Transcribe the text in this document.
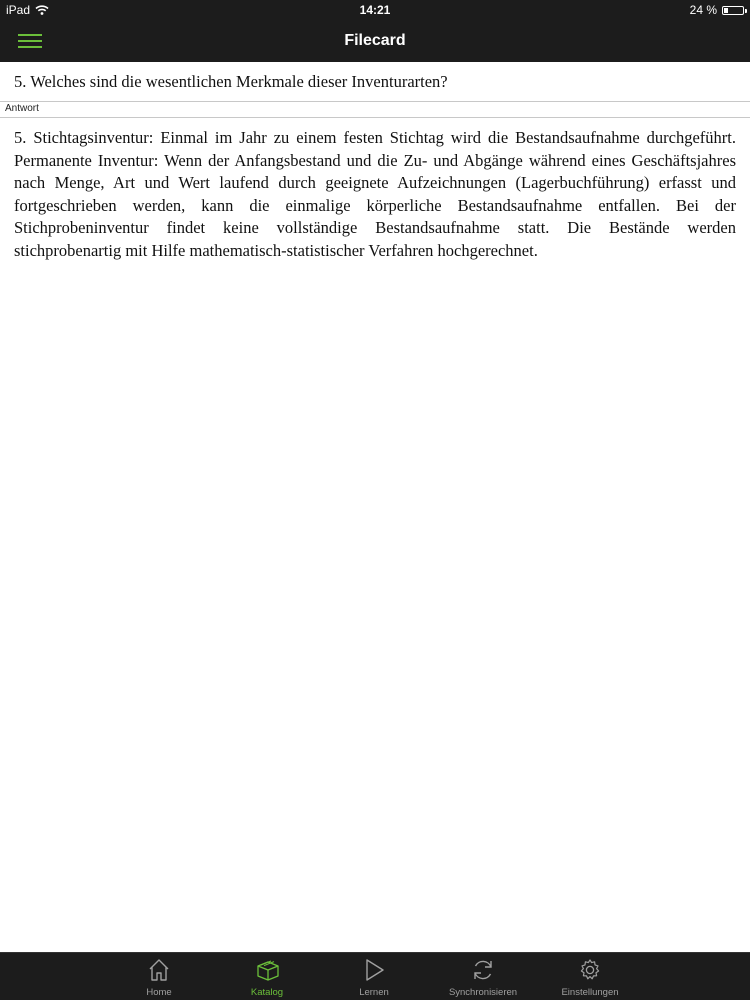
iPad	14:21	24 %
Filecard
5. Welches sind die wesentlichen Merkmale dieser Inventurarten?
Antwort
5. Stichtagsinventur: Einmal im Jahr zu einem festen Stichtag wird die Bestandsaufnahme durchgeführt. Permanente Inventur: Wenn der Anfangsbestand und die Zu- und Abgänge während eines Geschäftsjahres nach Menge, Art und Wert laufend durch geeignete Aufzeichnungen (Lagerbuchführung) erfasst und fortgeschrieben werden, kann die einmalige körperliche Bestandsaufnahme entfallen. Bei der Stichprobeninventur findet keine vollständige Bestandsaufnahme statt. Die Bestände werden stichprobenartig mit Hilfe mathematisch-statistischer Verfahren hochgerechnet.
Home	Katalog	Lernen	Synchronisieren	Einstellungen
